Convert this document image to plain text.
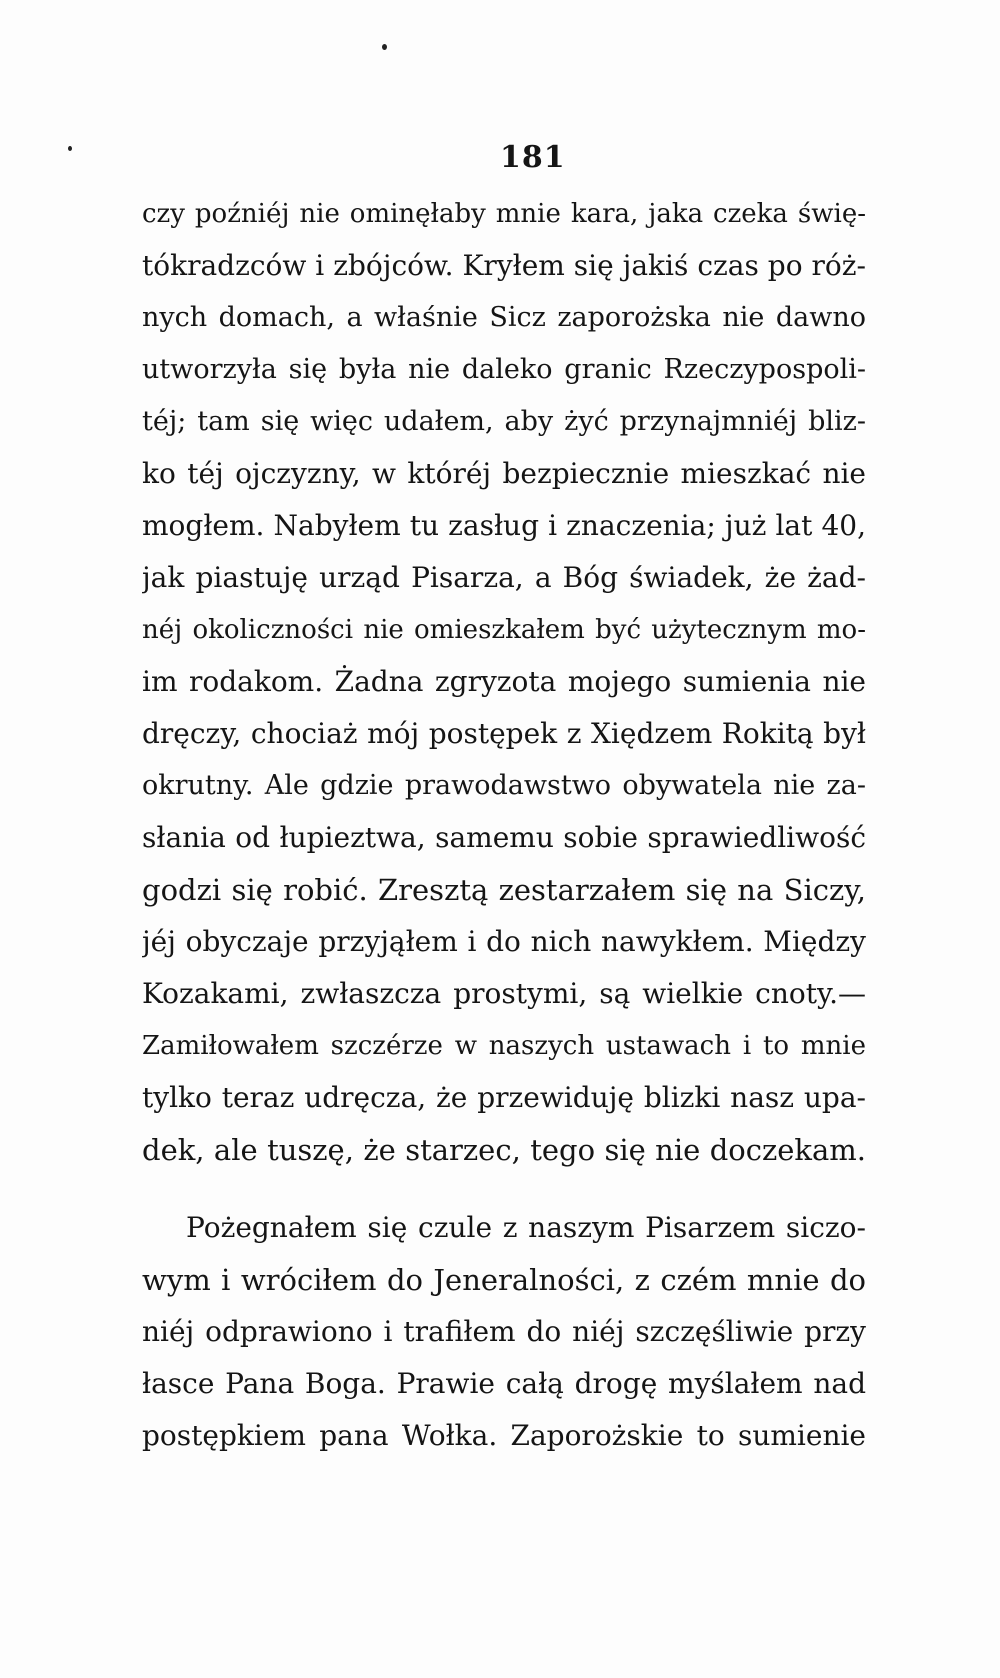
181
czy poźniéj nie ominęłaby mnie kara, jaka czeka świę-
tókradzców i zbójców. Kryłem się jakiś czas po róż-
nych domach, a właśnie Sicz zaporożska nie dawno
utworzyła się była nie daleko granic Rzeczypospoli-
téj; tam się więc udałem, aby żyć przynajmniéj bliz-
ko téj ojczyzny, w któréj bezpiecznie mieszkać nie
mogłem. Nabyłem tu zasług i znaczenia; już lat 40,
jak piastuję urząd Pisarza, a Bóg świadek, że żad-
néj okoliczności nie omieszkałem być użytecznym mo-
im rodakom. Żadna zgryzota mojego sumienia nie
dręczy, chociaż mój postępek z Xiędzem Rokitą był
okrutny. Ale gdzie prawodawstwo obywatela nie za-
słania od łupieztwa, samemu sobie sprawiedliwość
godzi się robić. Zresztą zestarzałem się na Siczy,
jéj obyczaje przyjąłem i do nich nawykłem. Między
Kozakami, zwłaszcza prostymi, są wielkie cnoty.—
Zamiłowałem szczérze w naszych ustawach i to mnie
tylko teraz udręcza, że przewiduję blizki nasz upa-
dek, ale tuszę, że starzec, tego się nie doczekam.
Pożegnałem się czule z naszym Pisarzem siczo-
wym i wróciłem do Jeneralności, z czém mnie do
niéj odprawiono i trafiłem do niéj szczęśliwie przy
łasce Pana Boga. Prawie całą drogę myślałem nad
postępkiem pana Wołka. Zaporożskie to sumienie
